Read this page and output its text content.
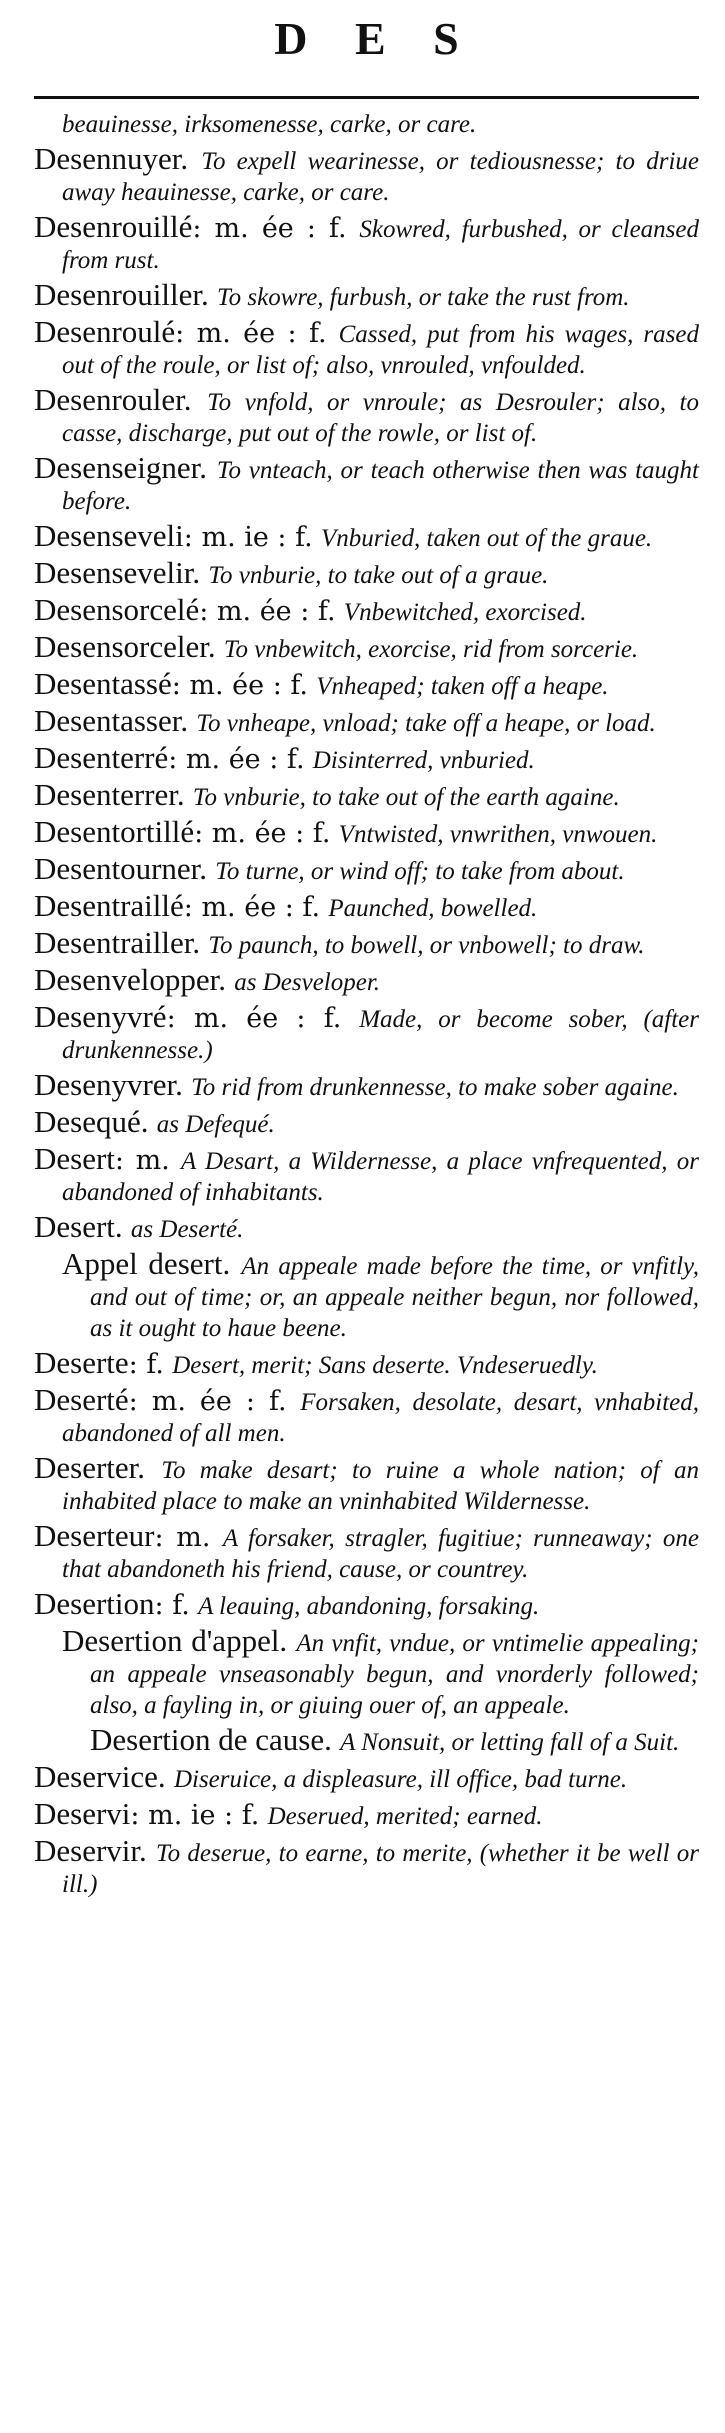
D E S

beauinesse, irksomenesse, carke, or care.

Desennuyer. To expell wearinesse, or tediousnesse; to driue away heauinesse, carke, or care.

Desenrouillé: m. ée : f. Skowred, furbushed, or cleansed from rust.

Desenrouiller. To skowre, furbush, or take the rust from.

Desenroulé: m. ée : f. Cassed, put from his wages, rased out of the roule, or list of; also, vnrouled, vnfoulded.

Desenrouler. To vnfold, or vnroule; as Desrouler; also, to casse, discharge, put out of the rowle, or list of.

Desenseigner. To vnteach, or teach otherwise then was taught before.

Desenseveli: m. ie : f. Vnburied, taken out of the graue.

Desensevelir. To vnburie, to take out of a graue.

Desensorcelé: m. ée : f. Vnbewitched, exorcised.

Desensorceler. To vnbewitch, exorcise, rid from sorcerie.

Desentassé: m. ée : f. Vnheaped; taken off a heape.

Desentasser. To vnheape, vnload; take off a heape, or load.

Desenterré: m. ée : f. Disinterred, vnburied.

Desenterrer. To vnburie, to take out of the earth againe.

Desentortillé: m. ée : f. Vntwisted, vnwrithen, vnwouen.

Desentourner. To turne, or wind off; to take from about.

Desentraillé: m. ée : f. Paunched, bowelled.

Desentrailler. To paunch, to bowell, or vnbowell; to draw.

Desenvelopper. as Desveloper.

Desenyvré: m. ée : f. Made, or become sober, (after drunkennesse.)

Desenyvrer. To rid from drunkennesse, to make sober againe.

Desequé. as Defequé.

Desert: m. A Desart, a Wildernesse, a place vnfrequented, or abandoned of inhabitants.

Desert. as Deserté.

Appel desert. An appeale made before the time, or vnfitly, and out of time; or, an appeale neither begun, nor followed, as it ought to haue beene.

Deserte: f. Desert, merit; Sans deserte. Vndeseruedly.

Deserté: m. ée : f. Forsaken, desolate, desart, vnhabited, abandoned of all men.

Deserter. To make desart; to ruine a whole nation; of an inhabited place to make an vninhabited Wildernesse.

Deserteur: m. A forsaker, stragler, fugitiue; runneaway; one that abandoneth his friend, cause, or countrey.

Desertion: f. A leauing, abandoning, forsaking.

Desertion d'appel. An vnfit, vndue, or vntimelie appealing; an appeale vnseasonably begun, and vnorderly followed; also, a fayling in, or giuing ouer of, an appeale.

Desertion de cause. A Nonsuit, or letting fall of a Suit.

Deservice. Diseruice, a displeasure, ill office, bad turne.

Deservi: m. ie : f. Deserued, merited; earned.

Deservir. To deserue, to earne, to merite, (whether it be well or ill.)
